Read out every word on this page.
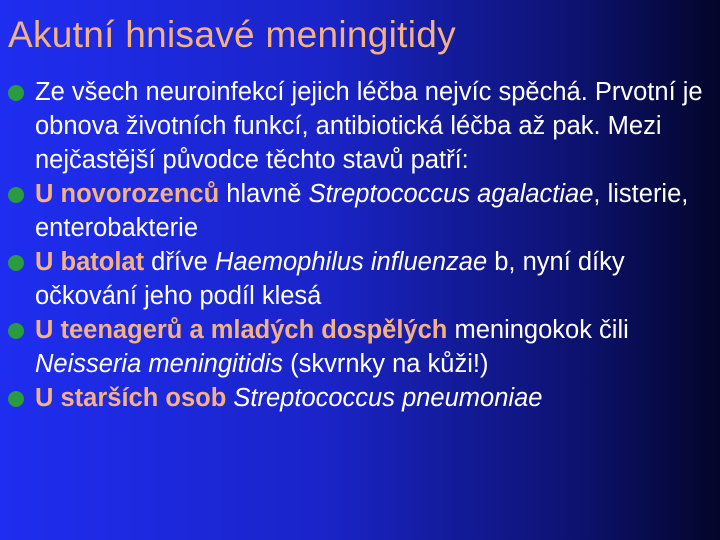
Akutní hnisavé meningitidy
Ze všech neuroinfekcí jejich léčba nejvíc spěchá. Prvotní je obnova životních funkcí, antibiotická léčba až pak. Mezi nejčastější původce těchto stavů patří:
U novorozenců hlavně Streptococcus agalactiae, listerie, enterobakterie
U batolat dříve Haemophilus influenzae b, nyní díky očkování jeho podíl klesá
U teenagerů a mladých dospělých meningokok čili Neisseria meningitidis (skvrnky na kůži!)
U starších osob Streptococcus pneumoniae
